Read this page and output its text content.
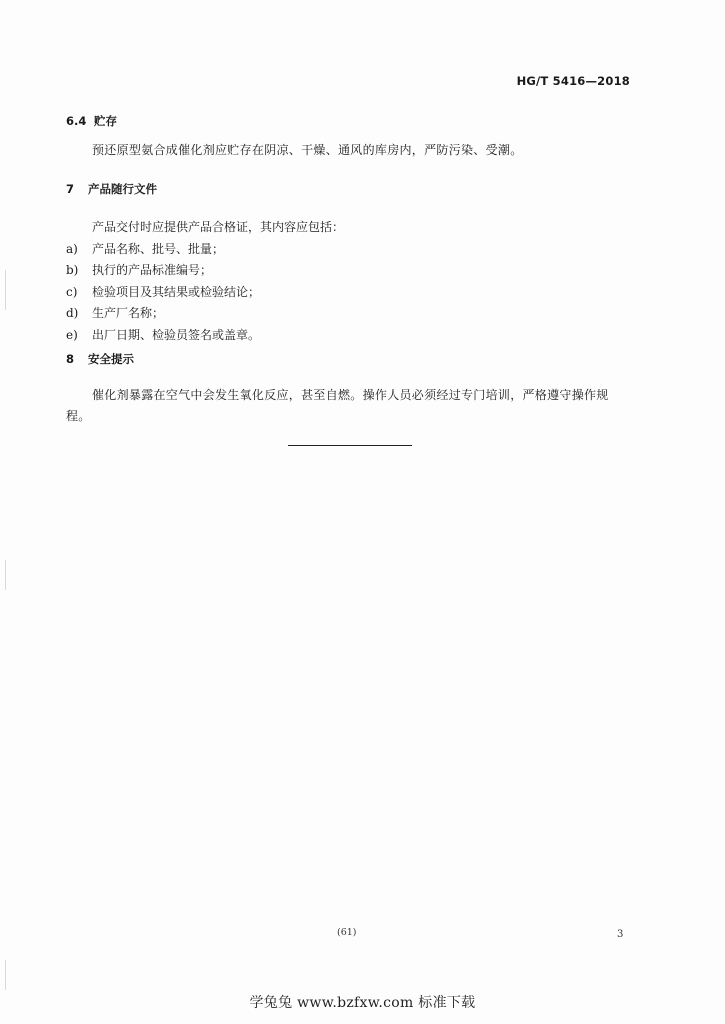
HG/T 5416—2018
6.4 贮存
预还原型氨合成催化剂应贮存在阴凉、干燥、通风的库房内，严防污染、受潮。
7 产品随行文件
产品交付时应提供产品合格证，其内容应包括：
a) 产品名称、批号、批量；
b) 执行的产品标准编号；
c) 检验项目及其结果或检验结论；
d) 生产厂名称；
e) 出厂日期、检验员签名或盖章。
8 安全提示
催化剂暴露在空气中会发生氧化反应，甚至自燃。操作人员必须经过专门培训，严格遵守操作规程。
(61)	3
学兔兔 www.bzfxw.com 标准下载
